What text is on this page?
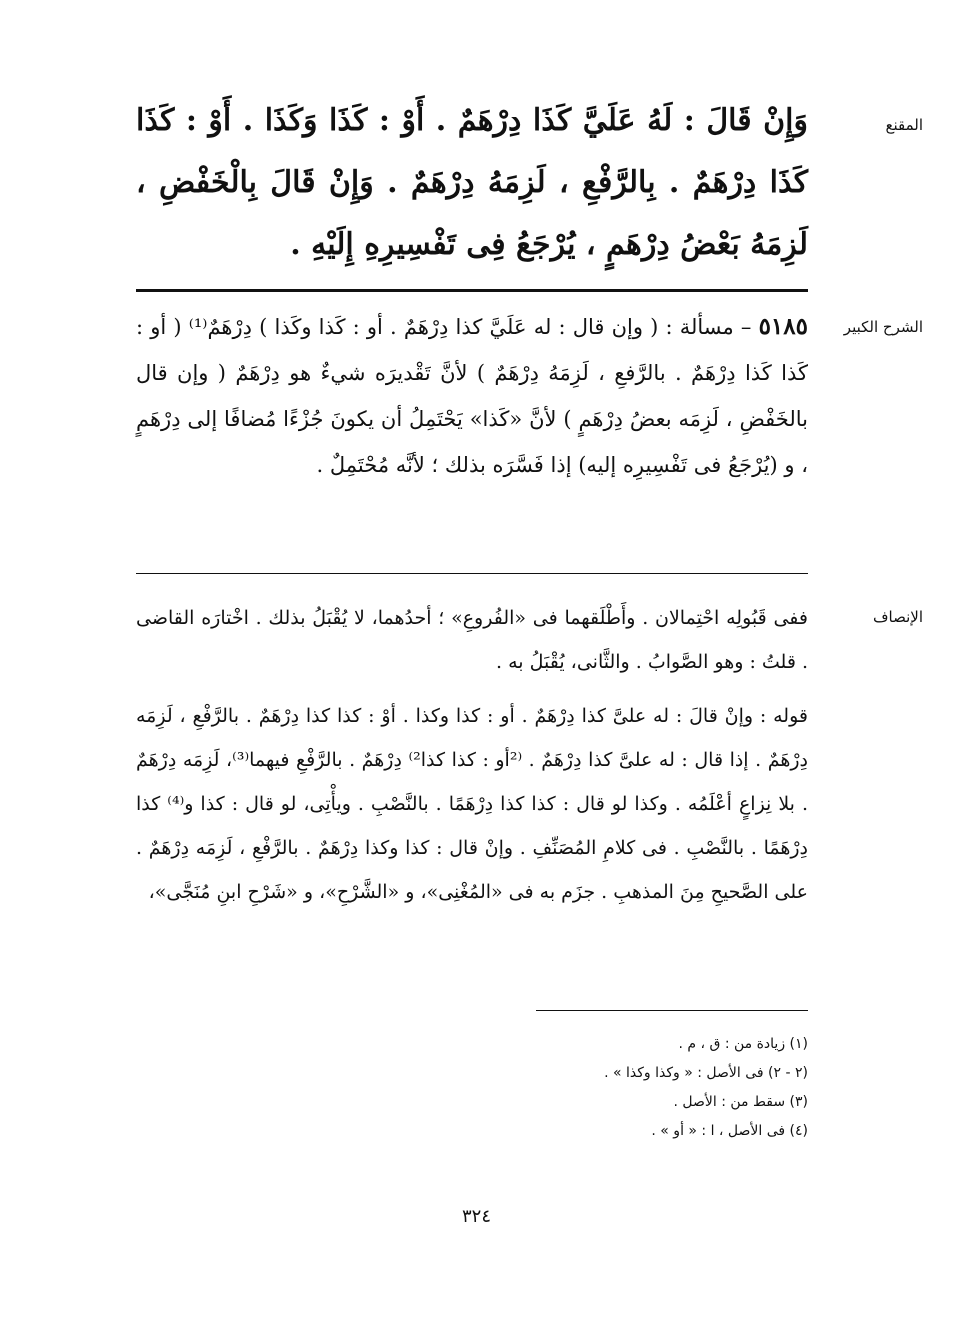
المقنع

وَإِنْ قَالَ : لَهُ عَلَيَّ كَذَا دِرْهَمٌ . أَوْ : كَذَا وَكَذَا . أَوْ : كَذَا كَذَا دِرْهَمٌ . بِالرَّفْعِ ، لَزِمَهُ دِرْهَمٌ . وَإِنْ قَالَ بِالْخَفْضِ ، لَزِمَهُ بَعْضُ دِرْهَمٍ ، يُرْجَعُ فِى تَفْسِيرِهِ إِلَيْهِ .

الشرح الكبير

٥١٨٥ – مسألة : ( وإن قال : له عَلَيَّ كذا دِرْهَمٌ . أو : كَذا وكَذا ) دِرْهَمٌ⁽¹⁾ ( أو : كَذا كَذا دِرْهَمٌ . بالرَّفعِ ، لَزِمَهُ دِرْهَمٌ ) لأنَّ تَقْديرَه شيءٌ هو دِرْهَمٌ ( وإن قال بالخَفْضِ ، لَزِمَه بعضُ دِرْهَمٍ ) لأنَّ «كَذا» يَحْتَمِلُ أن يكونَ جُزْءًا مُضافًا إلى دِرْهَمٍ ، و (يُرْجَعُ فى تَفْسِيرِه إليه) إذا فَسَّرَه بذلك ؛ لأنَّه مُحْتَمِلٌ .

الإنصاف

ففى قَبُولِه احْتِمالان . وأَطْلَقهما فى «الفُروعِ» ؛ أحدُهما، لا يُقْبَلُ بذلك . اخْتارَه القاضى . قلتُ : وهو الصَّوابُ . والثَّانى، يُقْبَلُ به .

قوله : وإنْ قالَ : له علىَّ كذا دِرْهَمٌ . أو : كذا وكذا . أوْ : كذا كذا دِرْهَمٌ . بالرَّفْعِ ، لَزِمَه دِرْهَمٌ . إذا قال : له علىَّ كذا دِرْهَمٌ . ⁽²أو : كذا كذا²⁾ دِرْهَمٌ . بالرَّفْعِ فيهما⁽³⁾، لَزِمَه دِرْهَمٌ . بلا نِزاعٍ أعْلَمُه . وكذا لو قال : كذا كذا دِرْهَمًا . بالنَّصْبِ . ويأْتِى، لو قال : كذا و⁽⁴⁾ كذا دِرْهَمًا . بالنَّصْبِ . فى كلامِ المُصَنِّفِ . وإنْ قال : كذا وكذا دِرْهَمٌ . بالرَّفْعِ ، لَزِمَه دِرْهَمٌ . على الصَّحيحِ مِنَ المذهبِ . جزَم به فى «المُغْنِى»، و «الشَّرْحِ»، و «شَرْحِ ابنِ مُنَجَّى»،

(١) زيادة من : ق ، م .
(٢ - ٢) فى الأصل : « وكذا وكذا » .
(٣) سقط من : الأصل .
(٤) فى الأصل ، ا : « أو » .
٣٢٤
